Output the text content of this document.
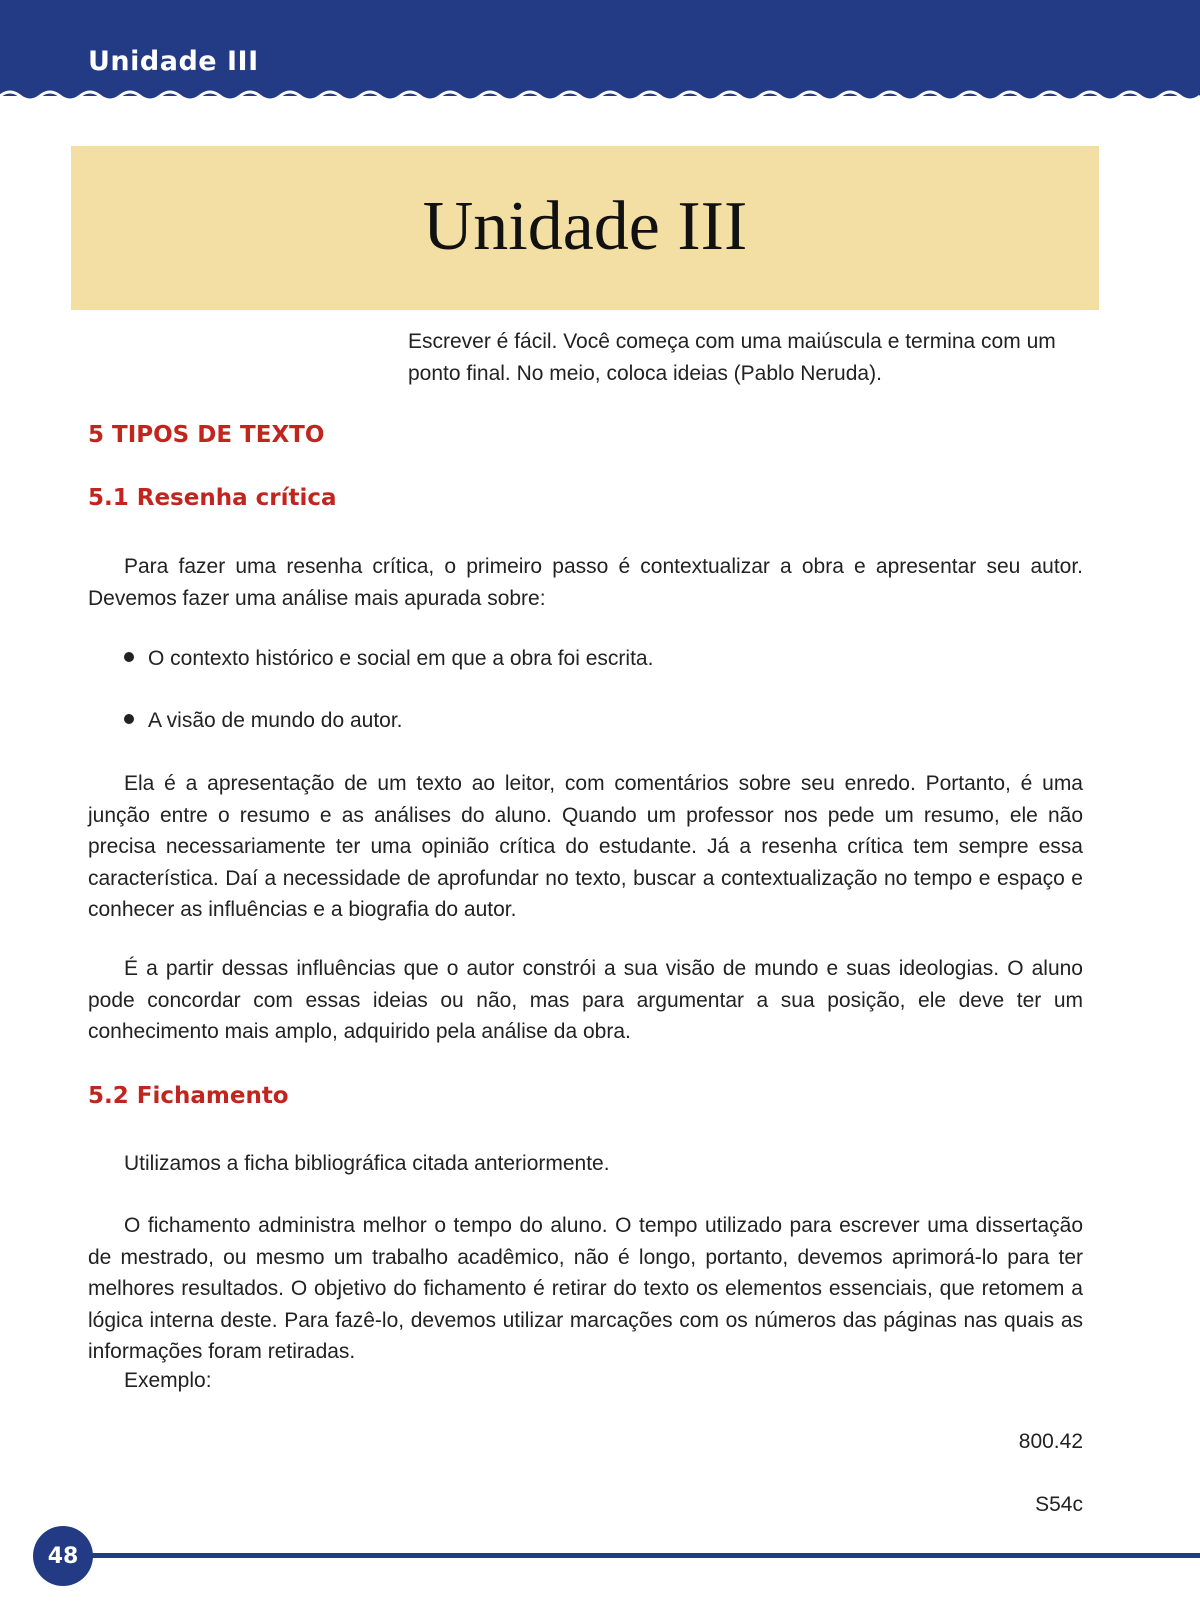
Unidade III
Unidade III
Escrever é fácil. Você começa com uma maiúscula e termina com um ponto final. No meio, coloca ideias (Pablo Neruda).
5 TIPOS DE TEXTO
5.1 Resenha crítica

Para fazer uma resenha crítica, o primeiro passo é contextualizar a obra e apresentar seu autor. Devemos fazer uma análise mais apurada sobre:

O contexto histórico e social em que a obra foi escrita.
A visão de mundo do autor.

Ela é a apresentação de um texto ao leitor, com comentários sobre seu enredo. Portanto, é uma junção entre o resumo e as análises do aluno. Quando um professor nos pede um resumo, ele não precisa necessariamente ter uma opinião crítica do estudante. Já a resenha crítica tem sempre essa característica. Daí a necessidade de aprofundar no texto, buscar a contextualização no tempo e espaço e conhecer as influências e a biografia do autor.

É a partir dessas influências que o autor constrói a sua visão de mundo e suas ideologias. O aluno pode concordar com essas ideias ou não, mas para argumentar a sua posição, ele deve ter um conhecimento mais amplo, adquirido pela análise da obra.

5.2 Fichamento

Utilizamos a ficha bibliográfica citada anteriormente.

O fichamento administra melhor o tempo do aluno. O tempo utilizado para escrever uma dissertação de mestrado, ou mesmo um trabalho acadêmico, não é longo, portanto, devemos aprimorá-lo para ter melhores resultados. O objetivo do fichamento é retirar do texto os elementos essenciais, que retomem a lógica interna deste. Para fazê-lo, devemos utilizar marcações com os números das páginas nas quais as informações foram retiradas.

Exemplo:

800.42
S54c
48
